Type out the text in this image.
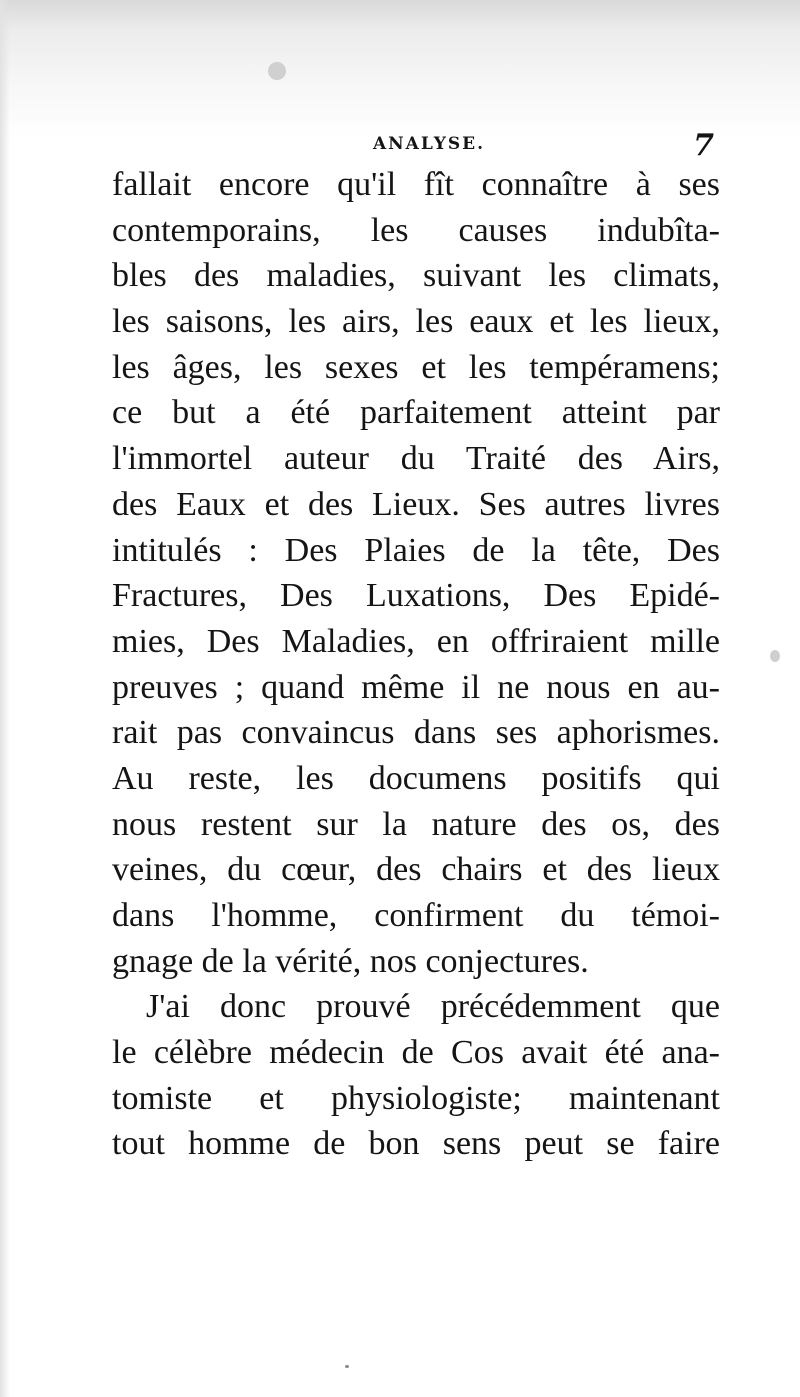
ANALYSE.	7
fallait encore qu'il fît connaître à ses
contemporains, les causes indubîta-
bles des maladies, suivant les climats,
les saisons, les airs, les eaux et les lieux,
les âges, les sexes et les tempéramens;
ce but a été parfaitement atteint par
l'immortel auteur du Traité des Airs,
des Eaux et des Lieux. Ses autres livres
intitulés : Des Plaies de la tête, Des
Fractures, Des Luxations, Des Epidé-
mies, Des Maladies, en offriraient mille
preuves ; quand même il ne nous en au-
rait pas convaincus dans ses aphorismes.
Au reste, les documens positifs qui
nous restent sur la nature des os, des
veines, du cœur, des chairs et des lieux
dans l'homme, confirment du témoi-
gnage de la vérité, nos conjectures.
J'ai donc prouvé précédemment que
le célèbre médecin de Cos avait été ana-
tomiste et physiologiste; maintenant
tout homme de bon sens peut se faire
